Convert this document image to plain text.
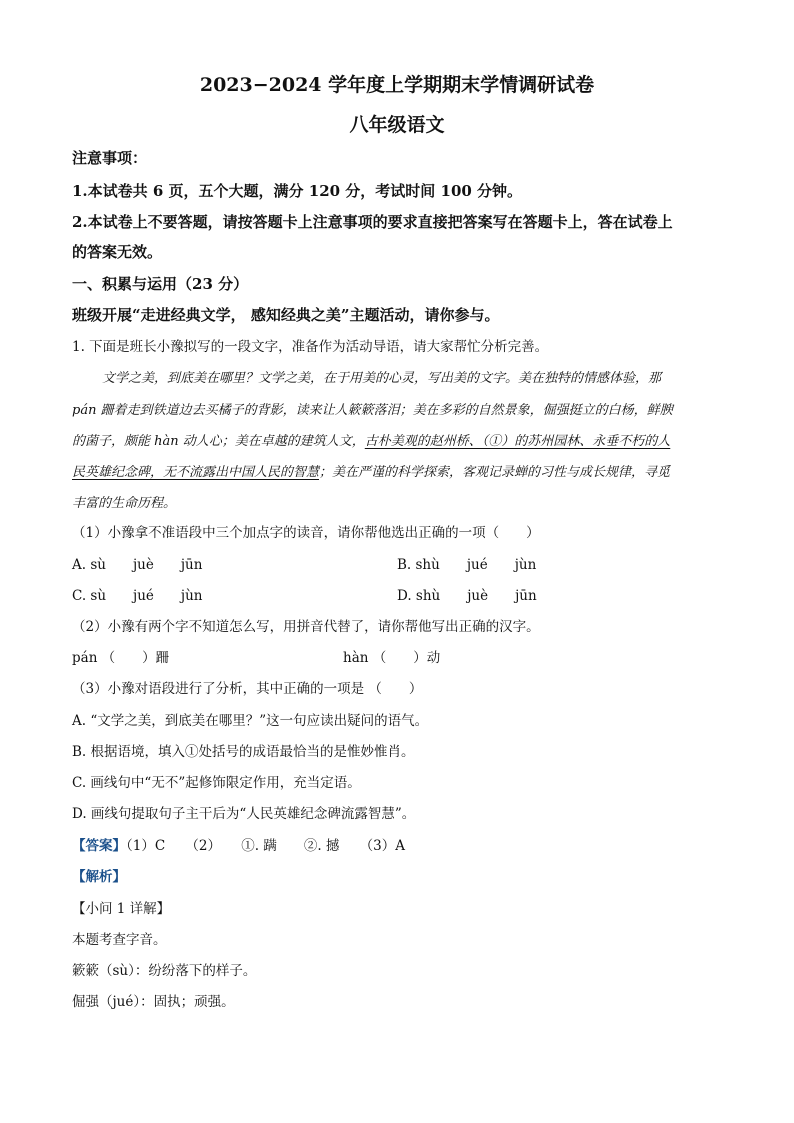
2023−2024 学年度上学期期末学情调研试卷
八年级语文
注意事项：
1.本试卷共 6 页，五个大题，满分 120 分，考试时间 100 分钟。
2.本试卷上不要答题，请按答题卡上注意事项的要求直接把答案写在答题卡上，答在试卷上
的答案无效。
一、积累与运用（23 分）
班级开展“走进经典文学， 感知经典之美”主题活动，请你参与。
1. 下面是班长小豫拟写的一段文字，准备作为活动导语，请大家帮忙分析完善。
文学之美，到底美在哪里？文学之美，在于用美的心灵，写出美的文字。美在独特的情感体验，那
pán 跚着走到铁道边去买橘子的背影，读来让人簌簌落泪；美在多彩的自然景象，倔强挺立的白杨，鲜腴
的菌子，颇能 hàn 动人心；美在卓越的建筑人文，古朴美观的赵州桥、（①）的苏州园林、永垂不朽的人
民英雄纪念碑，无不流露出中国人民的智慧；美在严谨的科学探索，客观记录蝉的习性与成长规律，寻觅
丰富的生命历程。
（1）小豫拿不准语段中三个加点字的读音，请你帮他选出正确的一项（　　）
A. sù　　juè　　jūn	B. shù　　jué　　jùn
C. sù　　jué　　jùn	D. shù　　juè　　jūn
（2）小豫有两个字不知道怎么写，用拼音代替了，请你帮他写出正确的汉字。
pán （　　）跚	hàn （　　）动
（3）小豫对语段进行了分析，其中正确的一项是 （　　）
A. “文学之美，到底美在哪里？”这一句应读出疑问的语气。
B. 根据语境，填入①处括号的成语最恰当的是惟妙惟肖。
C. 画线句中“无不”起修饰限定作用，充当定语。
D. 画线句提取句子主干后为“人民英雄纪念碑流露智慧”。
【答案】（1）C　　（2）　　①. 蹒　　②. 撼　　（3）A
【解析】
【小问 1 详解】
本题考查字音。
簌簌（sù）：纷纷落下的样子。
倔强（jué）：固执；顽强。
